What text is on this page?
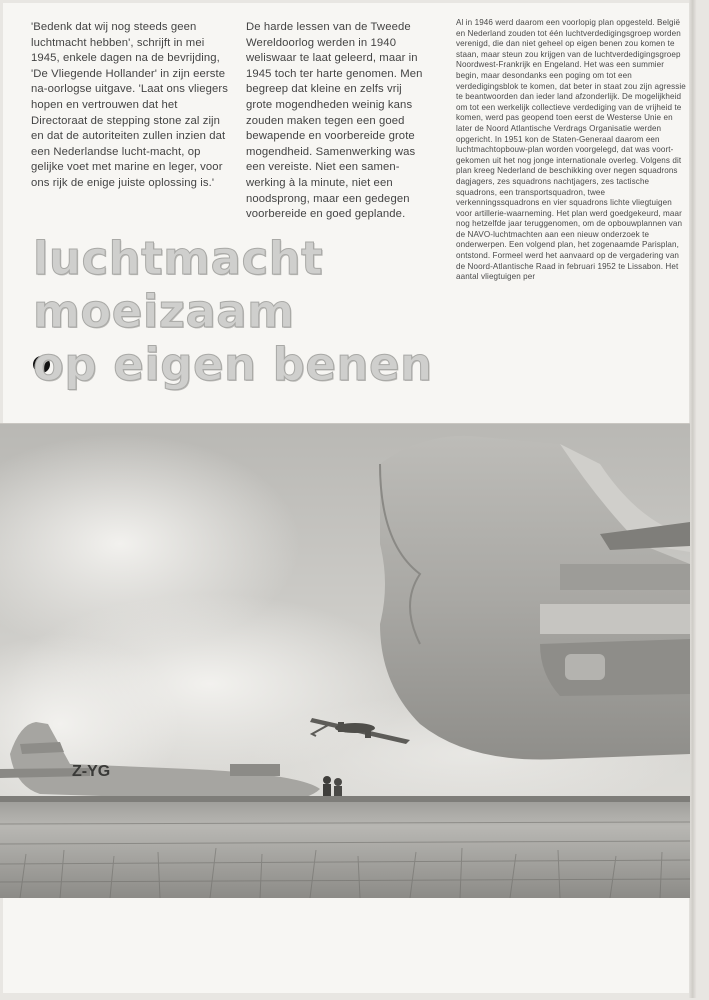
'Bedenk dat wij nog steeds geen luchtmacht hebben', schrijft in mei 1945, enkele dagen na de bevrijding, 'De Vliegende Hollander' in zijn eerste na-oorlogse uitgave. 'Laat ons vliegers hopen en vertrouwen dat het Directoraat de stepping stone zal zijn en dat de autoriteiten zullen inzien dat een Nederlandse lucht-macht, op gelijke voet met marine en leger, voor ons rijk de enige juiste oplossing is.'
De harde lessen van de Tweede Wereldoorlog werden in 1940 weliswaar te laat geleerd, maar in 1945 toch ter harte genomen. Men begreep dat kleine en zelfs vrij grote mogendheden weinig kans zouden maken tegen een goed bewapende en voorbereide grote mogendheid. Samenwerking was een vereiste. Niet een samen-werking à la minute, niet een noodsprong, maar een gedegen voorbereide en goed geplande.
Al in 1946 werd daarom een voorlopig plan opgesteld. België en Nederland zouden tot één luchtverdedigingsgroep worden verenigd, die dan niet geheel op eigen benen zou komen te staan, maar steun zou krijgen van de luchtverdedigingsgroep Noordwest-Frankrijk en Engeland. Het was een summier begin, maar desondanks een poging om tot een verdedigingsblok te komen, dat beter in staat zou zijn agressie te beantwoorden dan ieder land afzonderlijk. De mogelijkheid om tot een werkelijk collectieve verdediging van de vrijheid te komen, werd pas geopend toen eerst de Westerse Unie en later de Noord Atlantische Verdrags Organisatie werden opgericht. In 1951 kon de Staten-Generaal daarom een luchtmachtopbouw-plan worden voorgelegd, dat was voort-gekomen uit het nog jonge internationale overleg. Volgens dit plan kreeg Nederland de beschikking over negen squadrons dagjagers, zes squadrons nachtjagers, zes tactische squadrons, een transportsquadron, twee verkenningssquadrons en vier squadrons lichte vliegtuigen voor artillerie-waarneming. Het plan werd goedgekeurd, maar nog hetzelfde jaar teruggenomen, om de opbouwplannen van de NAVO-luchtmachten aan een nieuw onderzoek te onderwerpen. Een volgend plan, het zogenaamde Parisplan, ontstond. Formeel werd het aanvaard op de vergadering van de Noord-Atlantische Raad in februari 1952 te Lissabon. Het aantal vliegtuigen per
luchtmacht
moeizaam
op eigen benen
Z-YG
